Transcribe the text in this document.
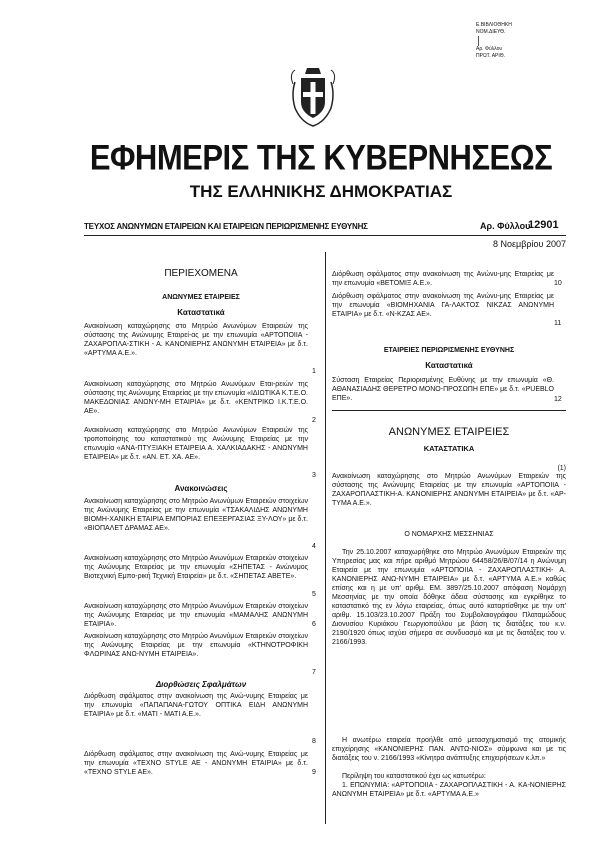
Ε.ΒΙΒΛΙΟΘΗΚΗ
ΝΟΜ.ΔΙΕΥΘ.
Αρ. Φύλλου
ΠΡΩΤ. ΑΡΙΘ.
ΕΦΗΜΕΡΙΣ ΤΗΣ ΚΥΒΕΡΝΗΣΕΩΣ
ΤΗΣ ΕΛΛΗΝΙΚΗΣ ΔΗΜΟΚΡΑΤΙΑΣ
ΤΕΥΧΟΣ ΑΝΩΝΥΜΩΝ ΕΤΑΙΡΕΙΩΝ ΚΑΙ ΕΤΑΙΡΕΙΩΝ ΠΕΡΙΩΡΙΣΜΕΝΗΣ ΕΥΘΥΝΗΣ	Αρ. Φύλλου
12901
8 Νοεμβρίου 2007
ΠΕΡΙΕΧΟΜΕΝΑ
ΑΝΩΝΥΜΕΣ ΕΤΑΙΡΕΙΕΣ
Καταστατικά
Ανακοίνωση καταχώρησης στο Μητρώο Ανωνύμων Εταιρειών της σύστασης της Ανώνυμης Εταιρεί-ας με την επωνυμία «ΑΡΤΟΠΟΙΙΑ - ΖΑΧΑΡΟΠΛΑ-ΣΤΙΚΗ - Α. ΚΑΝΟΝΙΕΡΗΣ ΑΝΩΝΥΜΗ ΕΤΑΙΡΕΙΑ» με δ.τ. «ΑΡΤΥΜΑ Α.Ε.».
1
Ανακοίνωση καταχώρησης στο Μητρώο Ανωνύμων Εται-ρειών της σύστασης της Ανώνυμης Εταιρείας με την επωνυμία «ΙΔΙΩΤΙΚΑ Κ.Τ.Ε.Ο. ΜΑΚΕΔΟΝΙΑΣ ΑΝΩΝΥ-ΜΗ ΕΤΑΙΡΙΑ» με δ.τ. «ΚΕΝΤΡΙΚΟ Ι.Κ.Τ.Ε.Ο. ΑΕ».
2
Ανακοίνωση καταχώρησης στο Μητρώο Ανωνύμων Εταιρειών της τροποποίησης του καταστατικού της Ανώνυμης Εταιρείας με την επωνυμία «ΑΝΑ-ΠΤΥΞΙΑΚΗ ΕΤΑΙΡΕΙΑ Α. ΧΑΛΚΙΑΔΑΚΗΣ - ΑΝΩΝΥΜΗ ΕΤΑΙΡΕΙΑ» με δ.τ. «ΑΝ. ΕΤ. ΧΑ. ΑΕ».
3
Ανακοινώσεις
Ανακοίνωση καταχώρησης στο Μητρώο Ανωνύμων Εταιρειών στοιχείων της Ανώνυμης Εταιρείας με την επωνυμία «ΤΣΑΚΑΛΙΔΗΣ ΑΝΩΝΥΜΗ ΒΙΟΜΗ-ΧΑΝΙΚΗ ΕΤΑΙΡΙΑ ΕΜΠΟΡΙΑΣ ΕΠΕΞΕΡΓΑΣΙΑΣ ΞΥ-ΛΟΥ» με δ.τ. «ΒΙΟΠΑΛΕΤ ΔΡΑΜΑΣ ΑΕ».
4
Ανακοίνωση καταχώρησης στο Μητρώο Ανωνύμων Εταιρειών στοιχείων της Ανώνυμης Εταιρείας με την επωνυμία «ΣΗΠΕΤΑΣ - Ανώνυμος Βιοτεχνική Εμπο-ρική Τεχνική Εταιρεία» με δ.τ. «ΣΗΠΕΤΑΣ ΑΒΕΤΕ».
5
Ανακοίνωση καταχώρησης στο Μητρώο Ανωνύμων Εταιρειών στοιχείων της Ανώνυμης Εταιρείας με την επωνυμία «ΜΑΜΑΛΗΣ ΑΝΩΝΥΜΗ ΕΤΑΙΡΙΑ».	6
Ανακοίνωση καταχώρησης στο Μητρώο Ανωνύμων Εταιρειών στοιχείων της Ανώνυμης Εταιρείας με την επωνυμία «ΚΤΗΝΟΤΡΟΦΙΚΗ ΦΛΩΡΙΝΑΣ ΑΝΩ-ΝΥΜΗ ΕΤΑΙΡΕΙΑ».
7
Διορθώσεις Σφαλμάτων
Διόρθωση σφάλματος στην ανακοίνωση της Ανώ-νυμης Εταιρείας με την επωνυμία «ΠΑΠΑΠΑΝΑ-ΓΩΤΟΥ ΟΠΤΙΚΑ ΕΙΔΗ ΑΝΩΝΥΜΗ ΕΤΑΙΡΙΑ» με δ.τ. «ΜΑΤΙ - ΜΑΤΙ Α.Ε.».
8
Διόρθωση σφάλματος στην ανακοίνωση της Ανώ-νυμης Εταιρείας με την επωνυμία «TEXNO STYLE AE - ΑΝΩΝΥΜΗ ΕΤΑΙΡΙΑ» με δ.τ. «TEXNO STYLE AE».	9
Διόρθωση σφάλματος στην ανακοίνωση της Ανώνυ-μης Εταιρείας με την επωνυμία «ΒΕΤΟΜΙΞ Α.Ε.».	10
Διόρθωση σφάλματος στην ανακοίνωση της Ανώνυ-μης Εταιρείας με την επωνυμία «ΒΙΟΜΗΧΑΝΙΑ ΓΑ-ΛΑΚΤΟΣ ΝΙΚΖΑΣ ΑΝΩΝΥΜΗ ΕΤΑΙΡΙΑ» με δ.τ. «Ν-ΚΖΑΣ ΑΕ».
11
ΕΤΑΙΡΕΙΕΣ ΠΕΡΙΩΡΙΣΜΕΝΗΣ ΕΥΘΥΝΗΣ
Καταστατικά
Σύσταση Εταιρείας Περιορισμένης Ευθύνης με την επωνυμία «Θ. ΑΘΑΝΑΣΙΑΔΗΣ ΘΕΡΕΤΡΟ ΜΟΝΟ-ΠΡΟΣΩΠΗ ΕΠΕ» με δ.τ. «PUEBLO ΕΠΕ».	12
ΑΝΩΝΥΜΕΣ ΕΤΑΙΡΕΙΕΣ
ΚΑΤΑΣΤΑΤΙΚΑ
(1)
Ανακοίνωση καταχώρησης στο Μητρώο Ανωνύμων Εταιρειών της σύστασης της Ανώνυμης Εταιρείας με την επωνυμία «ΑΡΤΟΠΟΙΙΑ - ΖΑΧΑΡΟΠΛΑΣΤΙΚΗ-Α. ΚΑΝΟΝΙΕΡΗΣ ΑΝΩΝΥΜΗ ΕΤΑΙΡΕΙΑ» με δ.τ. «ΑΡ-ΤΥΜΑ Α.Ε.».
Ο ΝΟΜΑΡΧΗΣ ΜΕΣΣΗΝΙΑΣ
Την 25.10.2007 καταχωρήθηκε στο Μητρώο Ανωνύμων Εταιρειών της Υπηρεσίας μας και πήρε αριθμό Μητρώου 64458/26/Β/07/14 η Ανώνυμη Εταιρεία με την επωνυμία «ΑΡΤΟΠΟΙΙΑ - ΖΑΧΑΡΟΠΛΑΣΤΙΚΗ- Α. ΚΑΝΟΝΙΕΡΗΣ ΑΝΩ-ΝΥΜΗ ΕΤΑΙΡΕΙΑ» με δ.τ. «ΑΡΤΥΜΑ Α.Ε.» καθώς επίσης και η με υπ' αριθμ. ΕΜ. 3897/25.10.2007 απόφαση Νομάρχη Μεσσηνίας με την οποία δόθηκε άδεια σύστασης και εγκρίθηκε το καταστατικό της εν λόγω εταιρείας, όπως αυτό καταρτίσθηκε με την υπ' αριθμ. 15.103/23.10.2007 Πράξη του Συμβολαιογράφου Πλαταμώδους Διονυσίου Κυριάκου Γεωργιοπούλου με βάση τις διατάξεις του κ.ν. 2190/1920 όπως ισχύει σήμερα σε συνδυασμό και με τις διατάξεις του ν. 2166/1993.
Η ανωτέρω εταιρεία προήλθε από μετασχηματισμό της ατομικής επιχείρησης «ΚΑΝΟΝΙΕΡΗΣ ΠΑΝ. ΑΝΤΩ-ΝΙΟΣ» σύμφωνα και με τις διατάξεις του ν. 2166/1993 «Κίνητρα ανάπτυξης επιχειρήσεων κ.λπ.»
Περίληψη του καταστατικού έχει ως κατωτέρω:
1. ΕΠΩΝΥΜΙΑ: «ΑΡΤΟΠΟΙΙΑ - ΖΑΧΑΡΟΠΛΑΣΤΙΚΗ - Α. ΚΑ-ΝΟΝΙΕΡΗΣ ΑΝΩΝΥΜΗ ΕΤΑΙΡΕΙΑ» με δ.τ. «ΑΡΤΥΜΑ Α.Ε.»
